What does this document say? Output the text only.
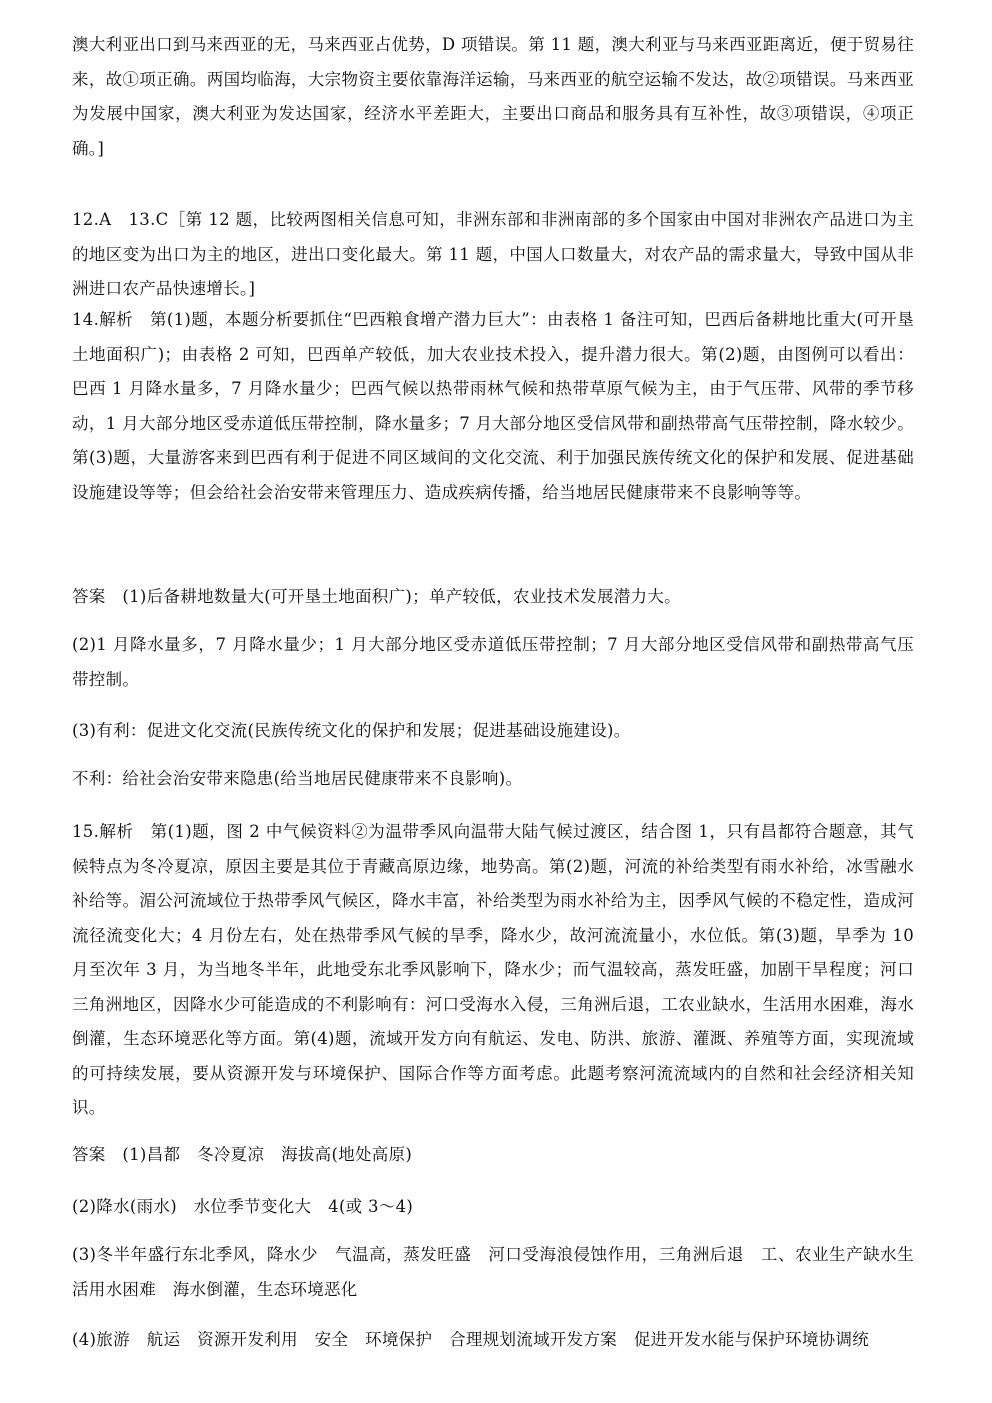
澳大利亚出口到马来西亚的无，马来西亚占优势，D 项错误。第 11 题，澳大利亚与马来西亚距离近，便于贸易往来，故①项正确。两国均临海，大宗物资主要依靠海洋运输，马来西亚的航空运输不发达，故②项错误。马来西亚为发展中国家，澳大利亚为发达国家，经济水平差距大，主要出口商品和服务具有互补性，故③项错误，④项正确。]

12.A　13.C［第 12 题，比较两图相关信息可知，非洲东部和非洲南部的多个国家由中国对非洲农产品进口为主的地区变为出口为主的地区，进出口变化最大。第 11 题，中国人口数量大，对农产品的需求量大，导致中国从非洲进口农产品快速增长。]

14.解析　第(1)题，本题分析要抓住“巴西粮食增产潜力巨大”：由表格 1 备注可知，巴西后备耕地比重大(可开垦土地面积广)；由表格 2 可知，巴西单产较低，加大农业技术投入，提升潜力很大。第(2)题，由图例可以看出：巴西 1 月降水量多，7 月降水量少；巴西气候以热带雨林气候和热带草原气候为主，由于气压带、风带的季节移动，1 月大部分地区受赤道低压带控制，降水量多；7 月大部分地区受信风带和副热带高气压带控制，降水较少。第(3)题，大量游客来到巴西有利于促进不同区域间的文化交流、利于加强民族传统文化的保护和发展、促进基础设施建设等等；但会给社会治安带来管理压力、造成疾病传播，给当地居民健康带来不良影响等等。

答案　(1)后备耕地数量大(可开垦土地面积广)；单产较低，农业技术发展潜力大。

(2)1 月降水量多，7 月降水量少；1 月大部分地区受赤道低压带控制；7 月大部分地区受信风带和副热带高气压带控制。

(3)有利：促进文化交流(民族传统文化的保护和发展；促进基础设施建设)。

不利：给社会治安带来隐患(给当地居民健康带来不良影响)。

15.解析　第(1)题，图 2 中气候资料②为温带季风向温带大陆气候过渡区，结合图 1，只有昌都符合题意，其气候特点为冬冷夏凉，原因主要是其位于青藏高原边缘，地势高。第(2)题，河流的补给类型有雨水补给，冰雪融水补给等。湄公河流域位于热带季风气候区，降水丰富，补给类型为雨水补给为主，因季风气候的不稳定性，造成河流径流变化大；4 月份左右，处在热带季风气候的旱季，降水少，故河流流量小，水位低。第(3)题，旱季为 10 月至次年 3 月，为当地冬半年，此地受东北季风影响下，降水少；而气温较高，蒸发旺盛，加剧干旱程度；河口三角洲地区，因降水少可能造成的不利影响有：河口受海水入侵，三角洲后退，工农业缺水，生活用水困难，海水倒灌，生态环境恶化等方面。第(4)题，流域开发方向有航运、发电、防洪、旅游、灌溉、养殖等方面，实现流域的可持续发展，要从资源开发与环境保护、国际合作等方面考虑。此题考察河流流域内的自然和社会经济相关知识。

答案　(1)昌都　冬冷夏凉　海拔高(地处高原)

(2)降水(雨水)　水位季节变化大　4(或 3～4)

(3)冬半年盛行东北季风，降水少　气温高，蒸发旺盛　河口受海浪侵蚀作用，三角洲后退　工、农业生产缺水生活用水困难　海水倒灌，生态环境恶化

(4)旅游　航运　资源开发利用　安全　环境保护　合理规划流域开发方案　促进开发水能与保护环境协调统
